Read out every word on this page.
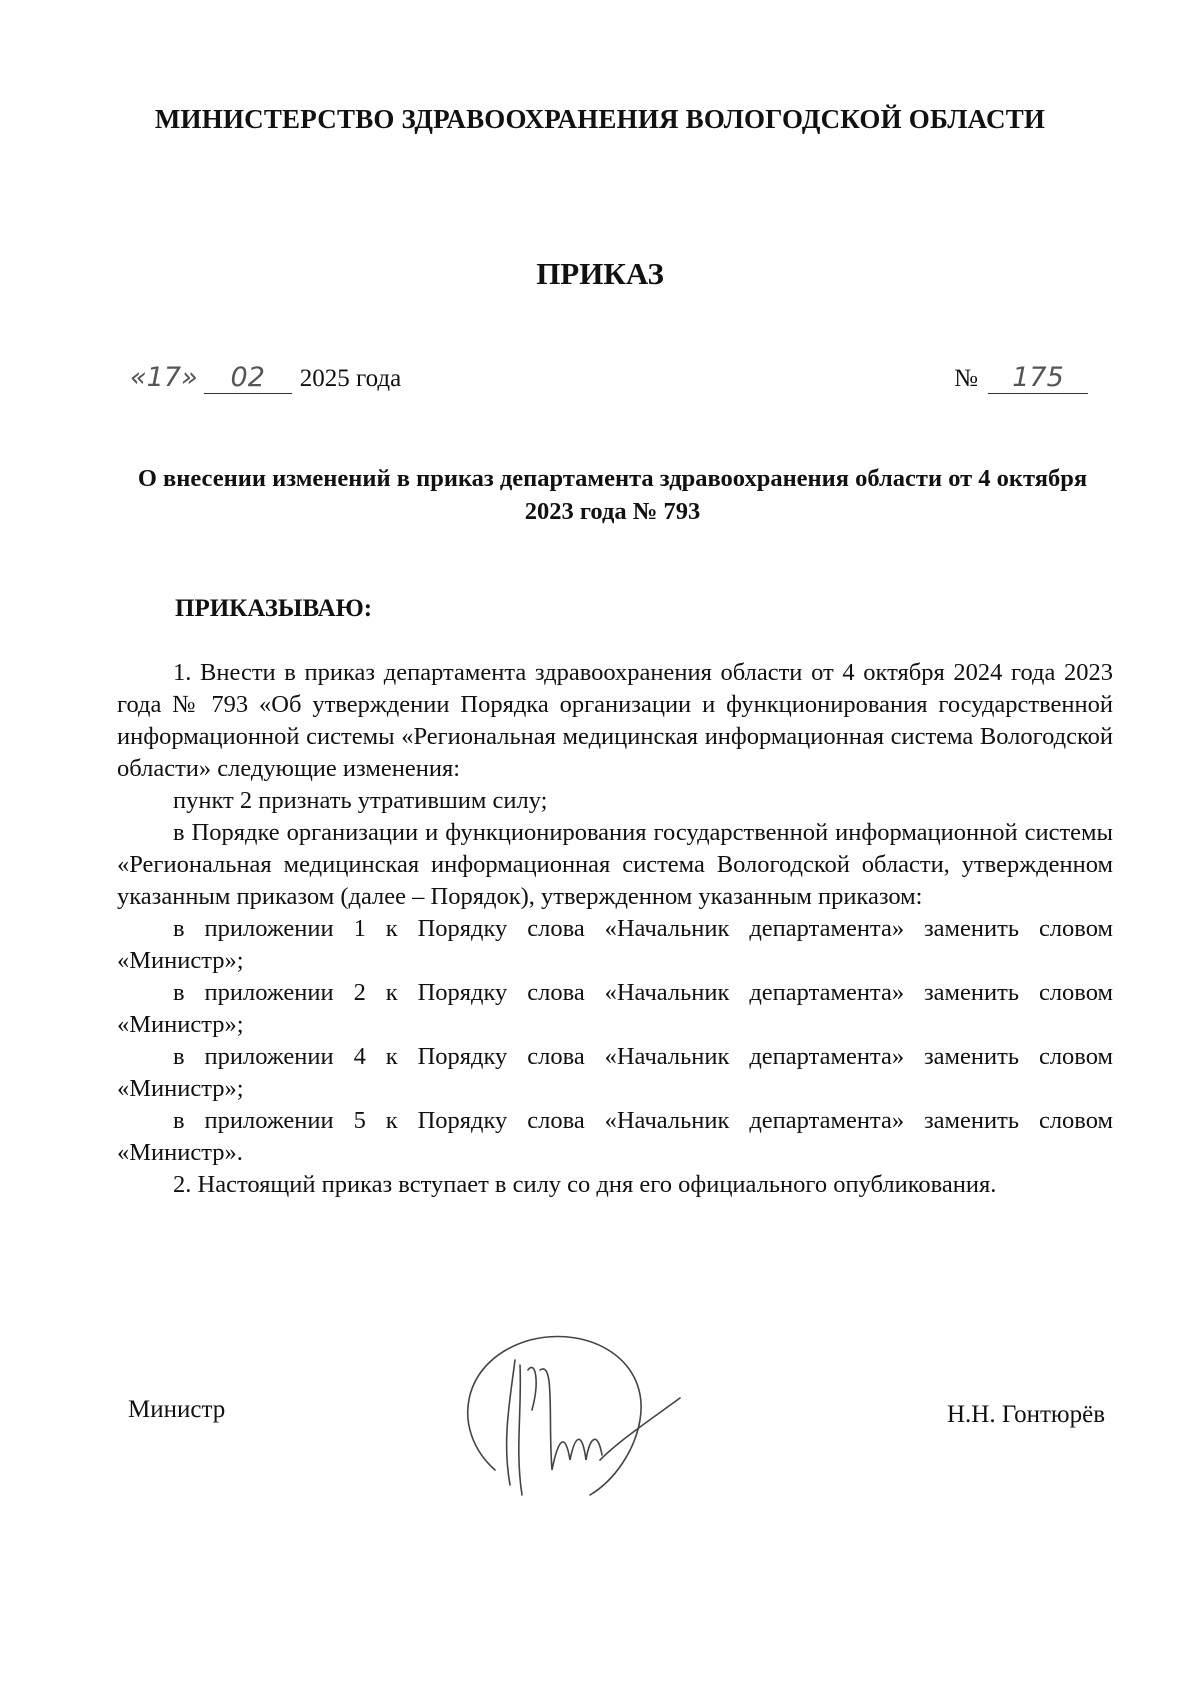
МИНИСТЕРСТВО ЗДРАВООХРАНЕНИЯ ВОЛОГОДСКОЙ ОБЛАСТИ
ПРИКАЗ
«17» 02 2025 года	№ 175
О внесении изменений в приказ департамента здравоохранения области от 4 октября 2023 года № 793
ПРИКАЗЫВАЮ:

1. Внести в приказ департамента здравоохранения области от 4 октября 2024 года 2023 года № 793 «Об утверждении Порядка организации и функционирования государственной информационной системы «Региональная медицинская информационная система Вологодской области» следующие изменения:

пункт 2 признать утратившим силу;

в Порядке организации и функционирования государственной информационной системы «Региональная медицинская информационная система Вологодской области, утвержденном указанным приказом (далее – Порядок), утвержденном указанным приказом:

в приложении 1 к Порядку слова «Начальник департамента» заменить словом «Министр»;

в приложении 2 к Порядку слова «Начальник департамента» заменить словом «Министр»;

в приложении 4 к Порядку слова «Начальник департамента» заменить словом «Министр»;

в приложении 5 к Порядку слова «Начальник департамента» заменить словом «Министр».

2. Настоящий приказ вступает в силу со дня его официального опубликования.

Министр	Н.Н. Гонтюрёв
